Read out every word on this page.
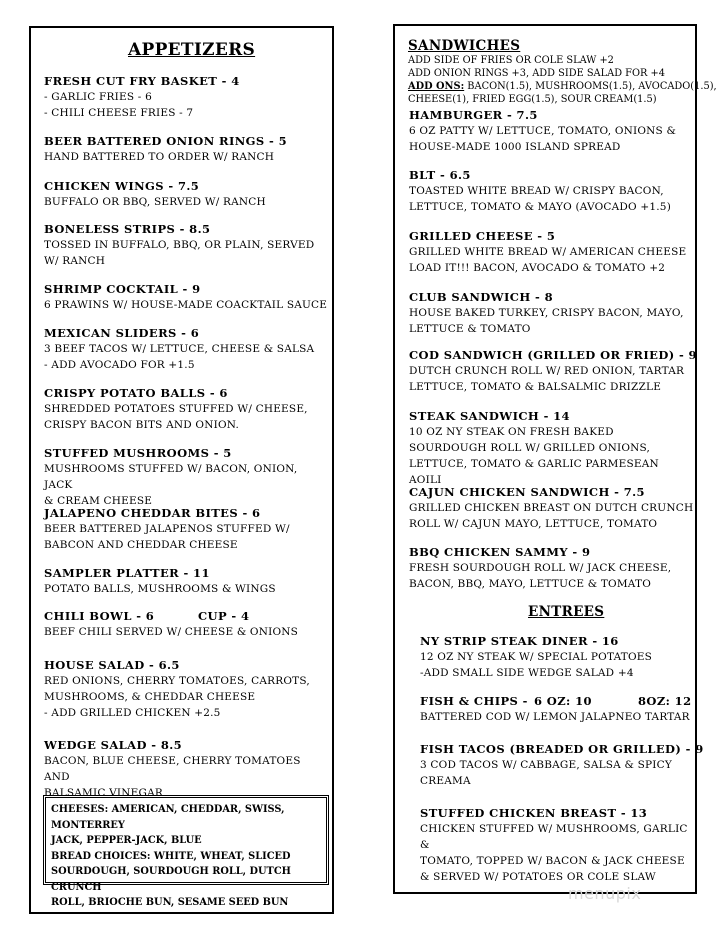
APPETIZERS
FRESH CUT FRY BASKET - 4
- GARLIC FRIES - 6
- CHILI CHEESE FRIES - 7
BEER BATTERED ONION RINGS - 5
HAND BATTERED TO ORDER W/ RANCH
CHICKEN WINGS - 7.5
BUFFALO OR BBQ, SERVED W/ RANCH
BONELESS STRIPS - 8.5
TOSSED IN BUFFALO, BBQ, OR PLAIN, SERVED
W/ RANCH
SHRIMP COCKTAIL - 9
6 PRAWINS W/ HOUSE-MADE COACKTAIL SAUCE
MEXICAN SLIDERS - 6
3 BEEF TACOS W/ LETTUCE, CHEESE & SALSA
- ADD AVOCADO FOR +1.5
CRISPY POTATO BALLS - 6
SHREDDED POTATOES STUFFED W/ CHEESE,
CRISPY BACON BITS AND ONION.
STUFFED MUSHROOMS - 5
MUSHROOMS STUFFED W/ BACON, ONION, JACK
& CREAM CHEESE
JALAPENO CHEDDAR BITES - 6
BEER BATTERED JALAPENOS STUFFED W/
BABCON AND CHEDDAR CHEESE
SAMPLER PLATTER - 11
POTATO BALLS, MUSHROOMS & WINGS
CHILI BOWL - 6	CUP - 4
BEEF CHILI SERVED W/ CHEESE & ONIONS
HOUSE SALAD - 6.5
RED ONIONS, CHERRY TOMATOES, CARROTS,
MUSHROOMS, & CHEDDAR CHEESE
- ADD GRILLED CHICKEN +2.5
WEDGE SALAD - 8.5
BACON, BLUE CHEESE, CHERRY TOMATOES AND
BALSAMIC VINEGAR
CHEESES: AMERICAN, CHEDDAR, SWISS, MONTERREY
JACK, PEPPER-JACK, BLUE
BREAD CHOICES: WHITE, WHEAT, SLICED
SOURDOUGH, SOURDOUGH ROLL, DUTCH CRUNCH
ROLL, BRIOCHE BUN, SESAME SEED BUN
SANDWICHES
ADD SIDE OF FRIES OR COLE SLAW +2
ADD ONION RINGS +3, ADD SIDE SALAD FOR +4
ADD ONS: BACON(1.5), MUSHROOMS(1.5), AVOCADO(1.5),
CHEESE(1), FRIED EGG(1.5), SOUR CREAM(1.5)
HAMBURGER - 7.5
6 OZ PATTY W/ LETTUCE, TOMATO, ONIONS &
HOUSE-MADE 1000 ISLAND SPREAD
BLT - 6.5
TOASTED WHITE BREAD W/ CRISPY BACON,
LETTUCE, TOMATO & MAYO (AVOCADO +1.5)
GRILLED CHEESE - 5
GRILLED WHITE BREAD W/ AMERICAN CHEESE
LOAD IT!!! BACON, AVOCADO & TOMATO +2
CLUB SANDWICH - 8
HOUSE BAKED TURKEY, CRISPY BACON, MAYO,
LETTUCE & TOMATO
COD SANDWICH (GRILLED OR FRIED) - 9
DUTCH CRUNCH ROLL W/ RED ONION, TARTAR
LETTUCE, TOMATO & BALSALMIC DRIZZLE
STEAK SANDWICH - 14
10 OZ NY STEAK ON FRESH BAKED
SOURDOUGH ROLL W/ GRILLED ONIONS,
LETTUCE, TOMATO & GARLIC PARMESEAN AOILI
CAJUN CHICKEN SANDWICH - 7.5
GRILLED CHICKEN BREAST ON DUTCH CRUNCH
ROLL W/ CAJUN MAYO, LETTUCE, TOMATO
BBQ CHICKEN SAMMY - 9
FRESH SOURDOUGH ROLL W/ JACK CHEESE,
BACON, BBQ, MAYO, LETTUCE & TOMATO
ENTREES
NY STRIP STEAK DINER - 16
12 OZ NY STEAK W/ SPECIAL POTATOES
-ADD SMALL SIDE WEDGE SALAD +4
FISH & CHIPS - 6 OZ: 10	8OZ: 12
BATTERED COD W/ LEMON JALAPNEO TARTAR
FISH TACOS (BREADED OR GRILLED) - 9
3 COD TACOS W/ CABBAGE, SALSA & SPICY
CREAMA
STUFFED CHICKEN BREAST - 13
CHICKEN STUFFED W/ MUSHROOMS, GARLIC &
TOMATO, TOPPED W/ BACON & JACK CHEESE
& SERVED W/ POTATOES OR COLE SLAW
menupix
